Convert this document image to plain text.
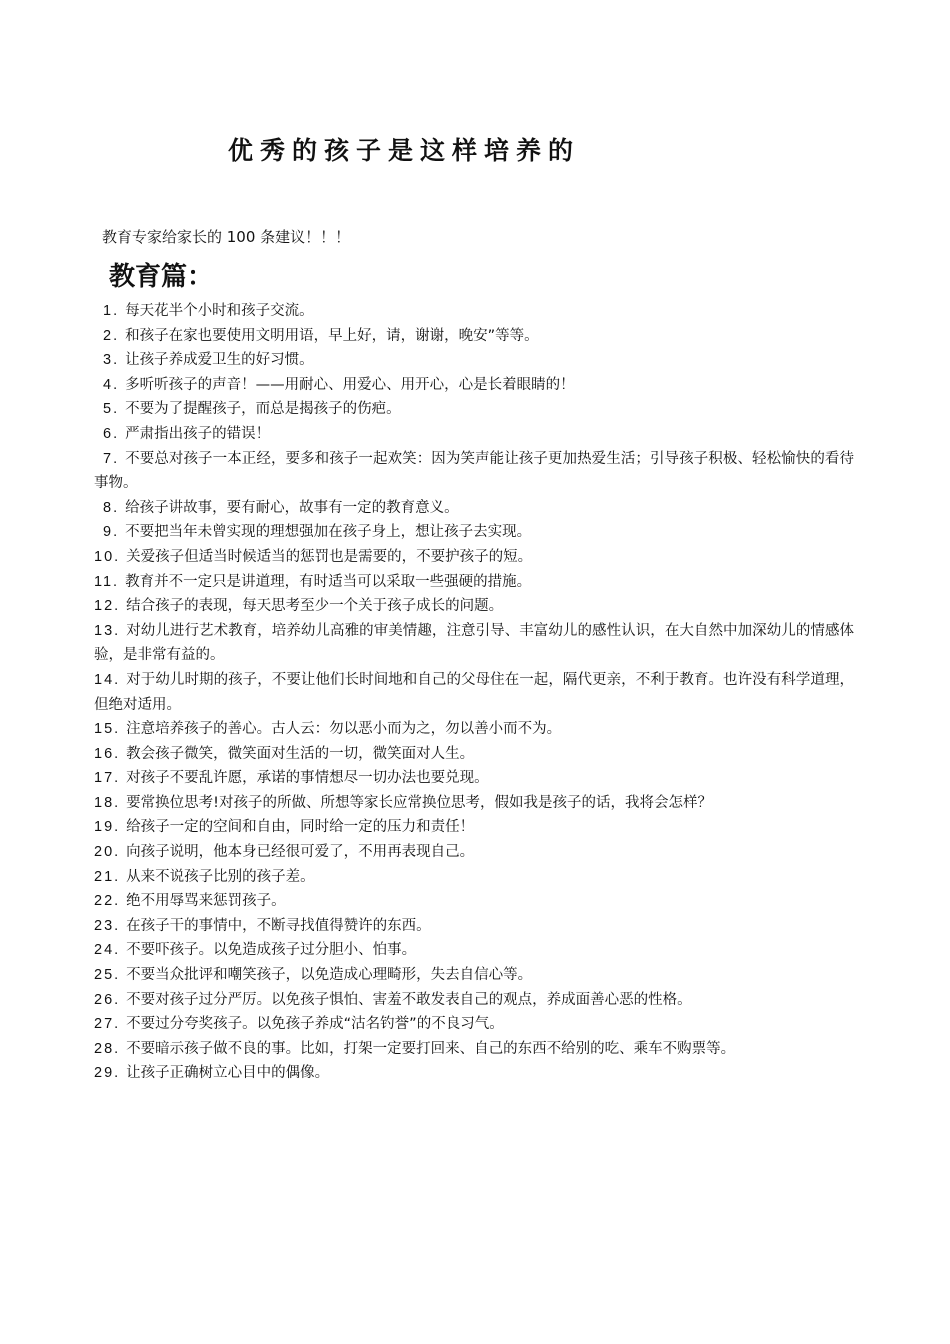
优秀的孩子是这样培养的
教育专家给家长的 100 条建议！！！
教育篇：
1. 每天花半个小时和孩子交流。
2. 和孩子在家也要使用文明用语，早上好，请，谢谢，晚安”等等。
3. 让孩子养成爱卫生的好习惯。
4. 多听听孩子的声音！——用耐心、用爱心、用开心，心是长着眼睛的！
5. 不要为了提醒孩子，而总是揭孩子的伤疤。
6. 严肃指出孩子的错误！
7. 不要总对孩子一本正经，要多和孩子一起欢笑：因为笑声能让孩子更加热爱生活；引导孩子积极、轻松愉快的看待事物。
8. 给孩子讲故事，要有耐心，故事有一定的教育意义。
9. 不要把当年未曾实现的理想强加在孩子身上，想让孩子去实现。
10. 关爱孩子但适当时候适当的惩罚也是需要的，不要护孩子的短。
11. 教育并不一定只是讲道理，有时适当可以采取一些强硬的措施。
12. 结合孩子的表现，每天思考至少一个关于孩子成长的问题。
13. 对幼儿进行艺术教育，培养幼儿高雅的审美情趣，注意引导、丰富幼儿的感性认识，在大自然中加深幼儿的情感体验，是非常有益的。
14. 对于幼儿时期的孩子，不要让他们长时间地和自己的父母住在一起，隔代更亲，不利于教育。也许没有科学道理，但绝对适用。
15. 注意培养孩子的善心。古人云：勿以恶小而为之，勿以善小而不为。
16. 教会孩子微笑，微笑面对生活的一切，微笑面对人生。
17. 对孩子不要乱许愿，承诺的事情想尽一切办法也要兑现。
18. 要常换位思考!对孩子的所做、所想等家长应常换位思考，假如我是孩子的话，我将会怎样？
19. 给孩子一定的空间和自由，同时给一定的压力和责任！
20. 向孩子说明，他本身已经很可爱了，不用再表现自己。
21. 从来不说孩子比别的孩子差。
22. 绝不用辱骂来惩罚孩子。
23. 在孩子干的事情中，不断寻找值得赞许的东西。
24. 不要吓孩子。以免造成孩子过分胆小、怕事。
25. 不要当众批评和嘲笑孩子，以免造成心理畸形，失去自信心等。
26. 不要对孩子过分严厉。以免孩子惧怕、害羞不敢发表自己的观点，养成面善心恶的性格。
27. 不要过分夸奖孩子。以免孩子养成“沽名钓誉”的不良习气。
28. 不要暗示孩子做不良的事。比如，打架一定要打回来、自己的东西不给别的吃、乘车不购票等。
29. 让孩子正确树立心目中的偶像。
